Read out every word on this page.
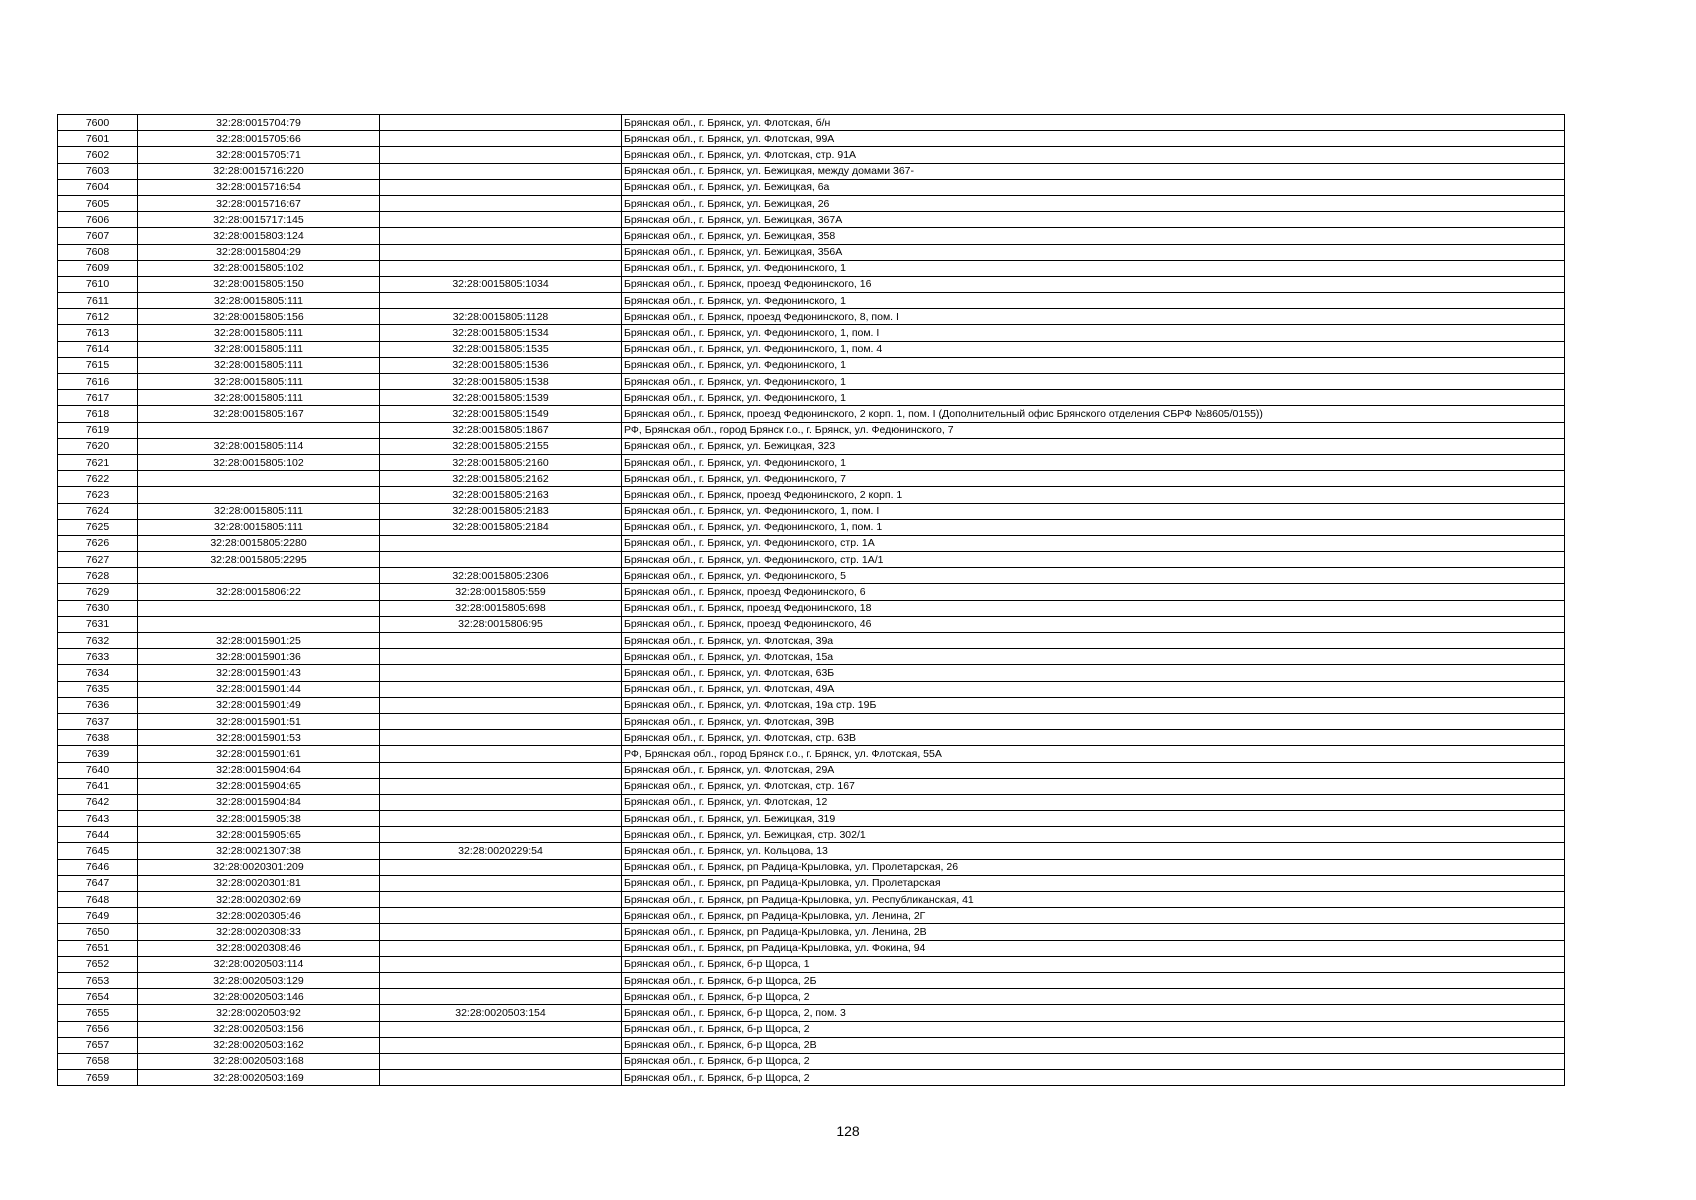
7600	32:28:0015704:79		Брянская обл., г. Брянск, ул. Флотская, б/н
7601	32:28:0015705:66		Брянская обл., г. Брянск, ул. Флотская, 99А
7602	32:28:0015705:71		Брянская обл., г. Брянск, ул. Флотская, стр. 91А
7603	32:28:0015716:220		Брянская обл., г. Брянск, ул. Бежицкая, между домами 367-
7604	32:28:0015716:54		Брянская обл., г. Брянск, ул. Бежицкая, 6а
7605	32:28:0015716:67		Брянская обл., г. Брянск, ул. Бежицкая, 26
7606	32:28:0015717:145		Брянская обл., г. Брянск, ул. Бежицкая, 367А
7607	32:28:0015803:124		Брянская обл., г. Брянск, ул. Бежицкая, 358
7608	32:28:0015804:29		Брянская обл., г. Брянск, ул. Бежицкая, 356А
7609	32:28:0015805:102		Брянская обл., г. Брянск, ул. Федюнинского, 1
7610	32:28:0015805:150	32:28:0015805:1034	Брянская обл., г. Брянск, проезд Федюнинского, 16
7611	32:28:0015805:111		Брянская обл., г. Брянск, ул. Федюнинского, 1
7612	32:28:0015805:156	32:28:0015805:1128	Брянская обл., г. Брянск, проезд Федюнинского, 8, пом. I
7613	32:28:0015805:111	32:28:0015805:1534	Брянская обл., г. Брянск, ул. Федюнинского, 1, пом. I
7614	32:28:0015805:111	32:28:0015805:1535	Брянская обл., г. Брянск, ул. Федюнинского, 1, пом. 4
7615	32:28:0015805:111	32:28:0015805:1536	Брянская обл., г. Брянск, ул. Федюнинского, 1
7616	32:28:0015805:111	32:28:0015805:1538	Брянская обл., г. Брянск, ул. Федюнинского, 1
7617	32:28:0015805:111	32:28:0015805:1539	Брянская обл., г. Брянск, ул. Федюнинского, 1
7618	32:28:0015805:167	32:28:0015805:1549	Брянская обл., г. Брянск, проезд Федюнинского, 2 корп. 1, пом. I (Дополнительный офис Брянского отделения СБРФ №8605/0155))
7619		32:28:0015805:1867	РФ, Брянская обл., город Брянск г.о., г. Брянск, ул. Федюнинского, 7
7620	32:28:0015805:114	32:28:0015805:2155	Брянская обл., г. Брянск, ул. Бежицкая, 323
7621	32:28:0015805:102	32:28:0015805:2160	Брянская обл., г. Брянск, ул. Федюнинского, 1
7622		32:28:0015805:2162	Брянская обл., г. Брянск, ул. Федюнинского, 7
7623		32:28:0015805:2163	Брянская обл., г. Брянск, проезд Федюнинского, 2 корп. 1
7624	32:28:0015805:111	32:28:0015805:2183	Брянская обл., г. Брянск, ул. Федюнинского, 1, пом. I
7625	32:28:0015805:111	32:28:0015805:2184	Брянская обл., г. Брянск, ул. Федюнинского, 1, пом. 1
7626	32:28:0015805:2280		Брянская обл., г. Брянск, ул. Федюнинского, стр. 1А
7627	32:28:0015805:2295		Брянская обл., г. Брянск, ул. Федюнинского, стр. 1А/1
7628		32:28:0015805:2306	Брянская обл., г. Брянск, ул. Федюнинского, 5
7629	32:28:0015806:22	32:28:0015805:559	Брянская обл., г. Брянск, проезд Федюнинского, 6
7630		32:28:0015805:698	Брянская обл., г. Брянск, проезд Федюнинского, 18
7631		32:28:0015806:95	Брянская обл., г. Брянск, проезд Федюнинского, 46
7632	32:28:0015901:25		Брянская обл., г. Брянск, ул. Флотская, 39а
7633	32:28:0015901:36		Брянская обл., г. Брянск, ул. Флотская, 15а
7634	32:28:0015901:43		Брянская обл., г. Брянск, ул. Флотская, 63Б
7635	32:28:0015901:44		Брянская обл., г. Брянск, ул. Флотская, 49А
7636	32:28:0015901:49		Брянская обл., г. Брянск, ул. Флотская, 19а стр. 19Б
7637	32:28:0015901:51		Брянская обл., г. Брянск, ул. Флотская, 39В
7638	32:28:0015901:53		Брянская обл., г. Брянск, ул. Флотская, стр. 63В
7639	32:28:0015901:61		РФ, Брянская обл., город Брянск г.о., г. Брянск, ул. Флотская, 55А
7640	32:28:0015904:64		Брянская обл., г. Брянск, ул. Флотская, 29А
7641	32:28:0015904:65		Брянская обл., г. Брянск, ул. Флотская, стр. 167
7642	32:28:0015904:84		Брянская обл., г. Брянск, ул. Флотская, 12
7643	32:28:0015905:38		Брянская обл., г. Брянск, ул. Бежицкая, 319
7644	32:28:0015905:65		Брянская обл., г. Брянск, ул. Бежицкая, стр. 302/1
7645	32:28:0021307:38	32:28:0020229:54	Брянская обл., г. Брянск, ул. Кольцова, 13
7646	32:28:0020301:209		Брянская обл., г. Брянск, рп Радица-Крыловка, ул. Пролетарская, 26
7647	32:28:0020301:81		Брянская обл., г. Брянск, рп Радица-Крыловка, ул. Пролетарская
7648	32:28:0020302:69		Брянская обл., г. Брянск, рп Радица-Крыловка, ул. Республиканская, 41
7649	32:28:0020305:46		Брянская обл., г. Брянск, рп Радица-Крыловка, ул. Ленина, 2Г
7650	32:28:0020308:33		Брянская обл., г. Брянск, рп Радица-Крыловка, ул. Ленина, 2В
7651	32:28:0020308:46		Брянская обл., г. Брянск, рп Радица-Крыловка, ул. Фокина, 94
7652	32:28:0020503:114		Брянская обл., г. Брянск, б-р Щорса, 1
7653	32:28:0020503:129		Брянская обл., г. Брянск, б-р Щорса, 2Б
7654	32:28:0020503:146		Брянская обл., г. Брянск, б-р Щорса, 2
7655	32:28:0020503:92	32:28:0020503:154	Брянская обл., г. Брянск, б-р Щорса, 2, пом. 3
7656	32:28:0020503:156		Брянская обл., г. Брянск, б-р Щорса, 2
7657	32:28:0020503:162		Брянская обл., г. Брянск, б-р Щорса, 2В
7658	32:28:0020503:168		Брянская обл., г. Брянск, б-р Щорса, 2
7659	32:28:0020503:169		Брянская обл., г. Брянск, б-р Щорса, 2
128
